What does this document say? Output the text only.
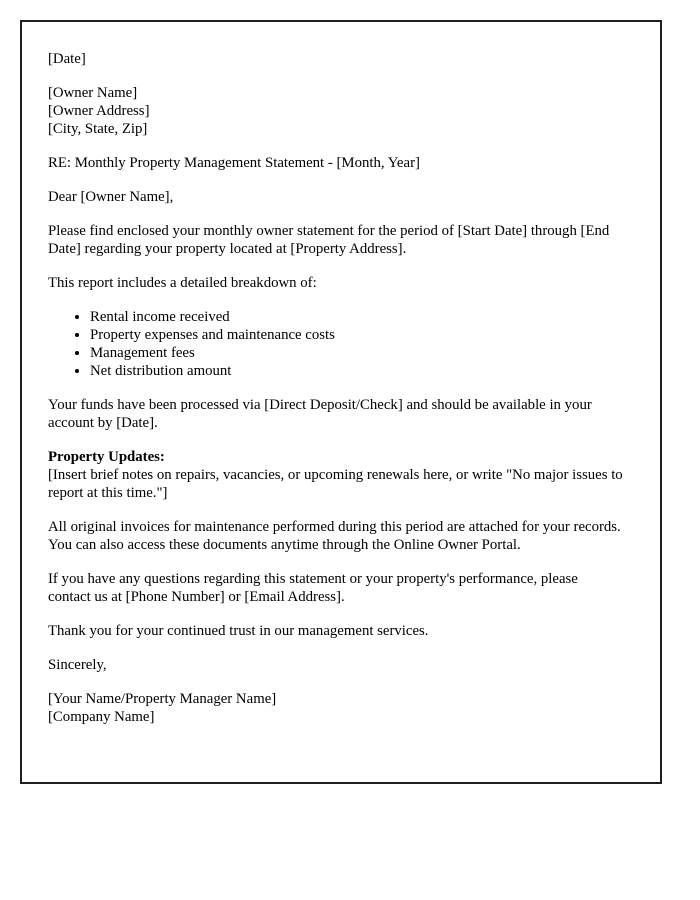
[Date]

[Owner Name]
[Owner Address]
[City, State, Zip]

RE: Monthly Property Management Statement - [Month, Year]

Dear [Owner Name],

Please find enclosed your monthly owner statement for the period of [Start Date] through [End Date] regarding your property located at [Property Address].

This report includes a detailed breakdown of:

• Rental income received
• Property expenses and maintenance costs
• Management fees
• Net distribution amount

Your funds have been processed via [Direct Deposit/Check] and should be available in your account by [Date].

Property Updates:
[Insert brief notes on repairs, vacancies, or upcoming renewals here, or write "No major issues to report at this time."]

All original invoices for maintenance performed during this period are attached for your records. You can also access these documents anytime through the Online Owner Portal.

If you have any questions regarding this statement or your property's performance, please contact us at [Phone Number] or [Email Address].

Thank you for your continued trust in our management services.

Sincerely,

[Your Name/Property Manager Name]
[Company Name]
